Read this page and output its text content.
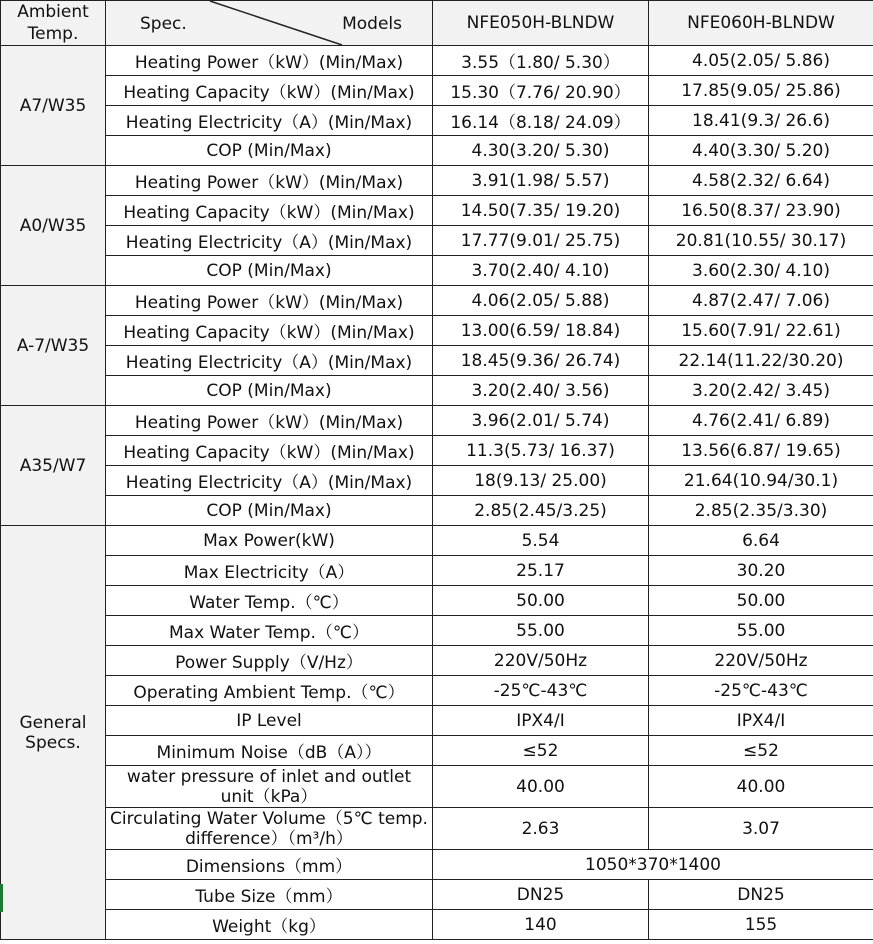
Ambient Temp.	Spec. Models	NFE050H-BLNDW	NFE060H-BLNDW
A7/W35	Heating Power（kW）(Min/Max)	3.55（1.80/ 5.30）	4.05(2.05/ 5.86)
	Heating Capacity（kW）(Min/Max)	15.30（7.76/ 20.90）	17.85(9.05/ 25.86)
	Heating Electricity（A）(Min/Max)	16.14（8.18/ 24.09）	18.41(9.3/ 26.6)
	COP (Min/Max)	4.30(3.20/ 5.30)	4.40(3.30/ 5.20)
A0/W35	Heating Power（kW）(Min/Max)	3.91(1.98/ 5.57)	4.58(2.32/ 6.64)
	Heating Capacity（kW）(Min/Max)	14.50(7.35/ 19.20)	16.50(8.37/ 23.90)
	Heating Electricity（A）(Min/Max)	17.77(9.01/ 25.75)	20.81(10.55/ 30.17)
	COP (Min/Max)	3.70(2.40/ 4.10)	3.60(2.30/ 4.10)
A-7/W35	Heating Power（kW）(Min/Max)	4.06(2.05/ 5.88)	4.87(2.47/ 7.06)
	Heating Capacity（kW）(Min/Max)	13.00(6.59/ 18.84)	15.60(7.91/ 22.61)
	Heating Electricity（A）(Min/Max)	18.45(9.36/ 26.74)	22.14(11.22/30.20)
	COP (Min/Max)	3.20(2.40/ 3.56)	3.20(2.42/ 3.45)
A35/W7	Heating Power（kW）(Min/Max)	3.96(2.01/ 5.74)	4.76(2.41/ 6.89)
	Heating Capacity（kW）(Min/Max)	11.3(5.73/ 16.37)	13.56(6.87/ 19.65)
	Heating Electricity（A）(Min/Max)	18(9.13/ 25.00)	21.64(10.94/30.1)
	COP (Min/Max)	2.85(2.45/3.25)	2.85(2.35/3.30)
General Specs.	Max Power(kW)	5.54	6.64
	Max Electricity（A）	25.17	30.20
	Water Temp.（℃）	50.00	50.00
	Max Water Temp.（℃）	55.00	55.00
	Power Supply（V/Hz）	220V/50Hz	220V/50Hz
	Operating Ambient Temp.（℃）	-25℃-43℃	-25℃-43℃
	IP Level	IPX4/I	IPX4/I
	Minimum Noise（dB（A））	≤52	≤52
	water pressure of inlet and outlet unit（kPa）	40.00	40.00
	Circulating Water Volume（5℃ temp. difference）（m³/h）	2.63	3.07
	Dimensions（mm）	1050*370*1400	
	Tube Size（mm）	DN25	DN25
	Weight（kg）	140	155
